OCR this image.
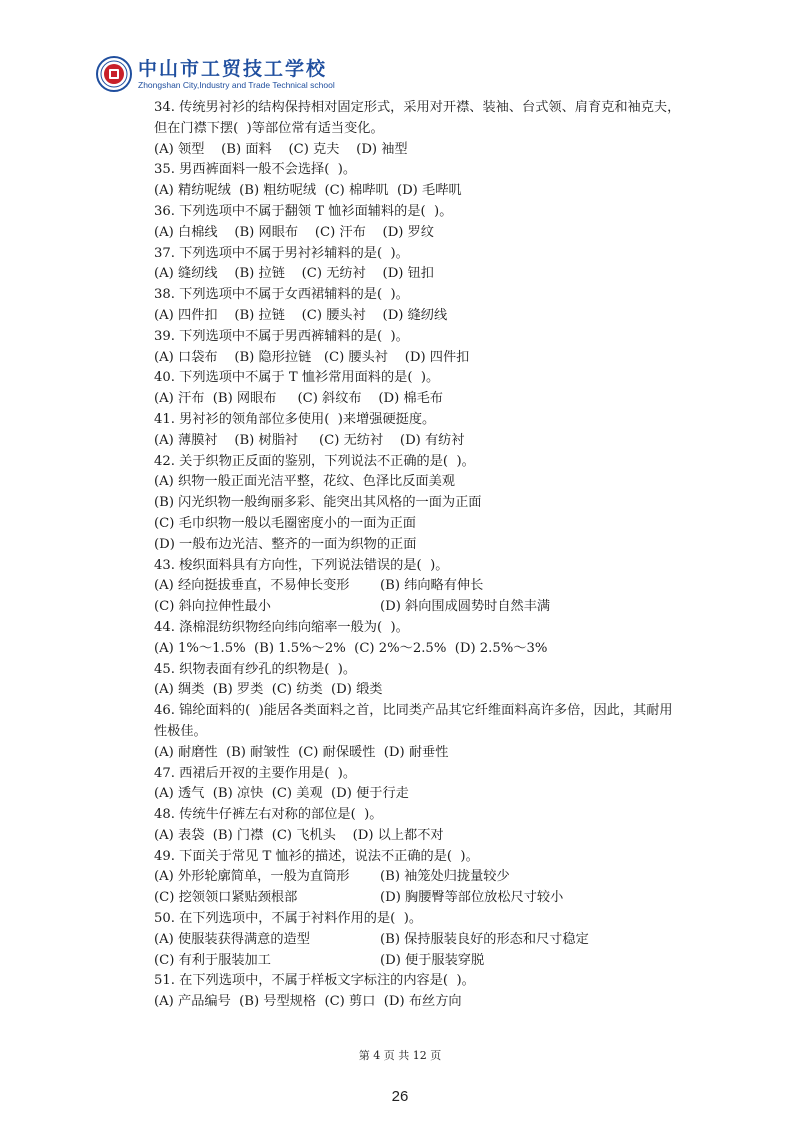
中山市工贸技工学校
Zhongshan City,Industry and Trade Technical school
34. 传统男衬衫的结构保持相对固定形式，采用对开襟、装袖、台式领、肩育克和袖克夫，
但在门襟下摆(  )等部位常有适当变化。
(A) 领型    (B) 面料    (C) 克夫    (D) 袖型
35. 男西裤面料一般不会选择(  )。
(A) 精纺呢绒  (B) 粗纺呢绒  (C) 棉哔叽  (D) 毛哔叽
36. 下列选项中不属于翻领 T 恤衫面辅料的是(  )。
(A) 白棉线    (B) 网眼布    (C) 汗布    (D) 罗纹
37. 下列选项中不属于男衬衫辅料的是(  )。
(A) 缝纫线    (B) 拉链    (C) 无纺衬    (D) 钮扣
38. 下列选项中不属于女西裙辅料的是(  )。
(A) 四件扣    (B) 拉链    (C) 腰头衬    (D) 缝纫线
39. 下列选项中不属于男西裤辅料的是(  )。
(A) 口袋布    (B) 隐形拉链   (C) 腰头衬    (D) 四件扣
40. 下列选项中不属于 T 恤衫常用面料的是(  )。
(A) 汗布  (B) 网眼布     (C) 斜纹布    (D) 棉毛布
41. 男衬衫的领角部位多使用(  )来增强硬挺度。
(A) 薄膜衬    (B) 树脂衬     (C) 无纺衬    (D) 有纺衬
42. 关于织物正反面的鉴别，下列说法不正确的是(  )。
(A) 织物一般正面光洁平整，花纹、色泽比反面美观
(B) 闪光织物一般绚丽多彩、能突出其风格的一面为正面
(C) 毛巾织物一般以毛圈密度小的一面为正面
(D) 一般布边光洁、整齐的一面为织物的正面
43. 梭织面料具有方向性，下列说法错误的是(  )。
(A) 经向挺拔垂直，不易伸长变形	(B) 纬向略有伸长
(C) 斜向拉伸性最小	(D) 斜向围成圆势时自然丰满
44. 涤棉混纺织物经向纬向缩率一般为(  )。
(A) 1%～1.5%  (B) 1.5%～2%  (C) 2%～2.5%  (D) 2.5%～3%
45. 织物表面有纱孔的织物是(  )。
(A) 绸类  (B) 罗类  (C) 纺类  (D) 缎类
46. 锦纶面料的(  )能居各类面料之首，比同类产品其它纤维面料高许多倍，因此，其耐用
性极佳。
(A) 耐磨性  (B) 耐皱性  (C) 耐保暖性  (D) 耐垂性
47. 西裙后开衩的主要作用是(  )。
(A) 透气  (B) 凉快  (C) 美观  (D) 便于行走
48. 传统牛仔裤左右对称的部位是(  )。
(A) 表袋  (B) 门襟  (C) 飞机头    (D) 以上都不对
49. 下面关于常见 T 恤衫的描述，说法不正确的是(  )。
(A) 外形轮廓简单，一般为直筒形	(B) 袖笼处归拢量较少
(C) 挖领领口紧贴颈根部	(D) 胸腰臀等部位放松尺寸较小
50. 在下列选项中，不属于衬料作用的是(  )。
(A) 使服装获得满意的造型	(B) 保持服装良好的形态和尺寸稳定
(C) 有利于服装加工	(D) 便于服装穿脱
51. 在下列选项中，不属于样板文字标注的内容是(  )。
(A) 产品编号  (B) 号型规格  (C) 剪口  (D) 布丝方向
第 4 页 共 12 页
26
